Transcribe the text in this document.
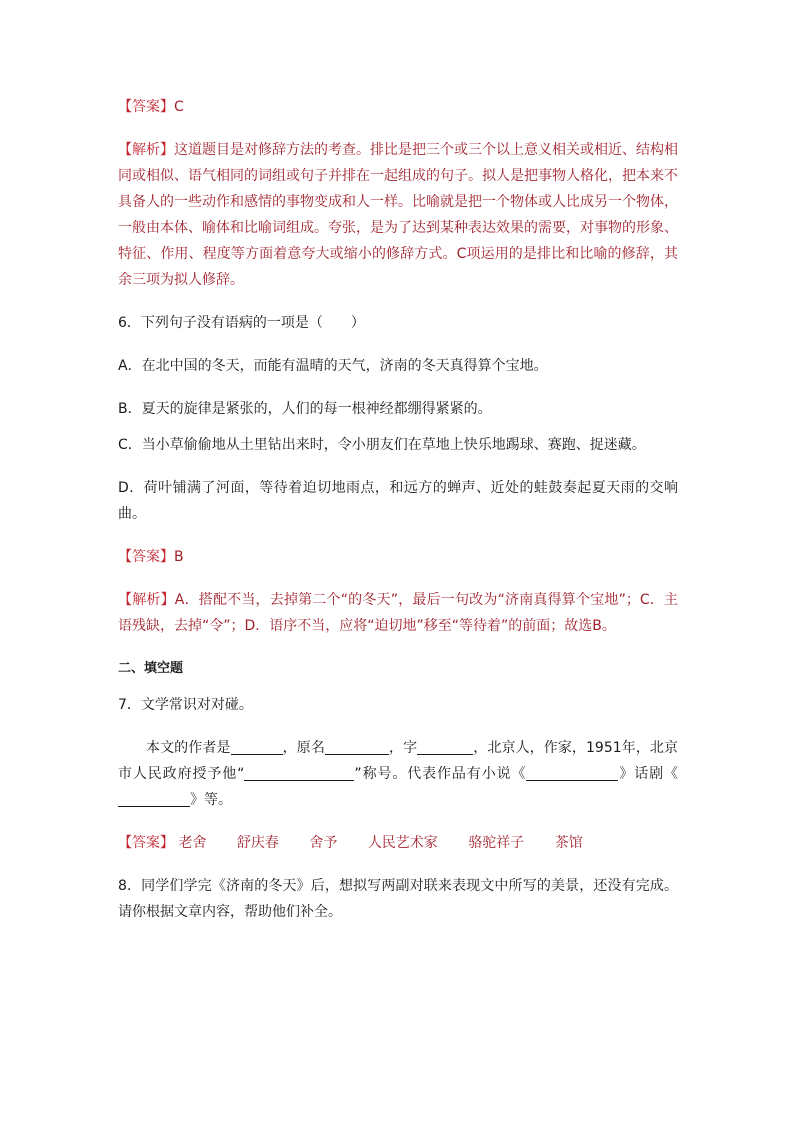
【答案】C

【解析】这道题目是对修辞方法的考查。排比是把三个或三个以上意义相关或相近、结构相同或相似、语气相同的词组或句子并排在一起组成的句子。拟人是把事物人格化，把本来不具备人的一些动作和感情的事物变成和人一样。比喻就是把一个物体或人比成另一个物体，一般由本体、喻体和比喻词组成。夸张，是为了达到某种表达效果的需要，对事物的形象、特征、作用、程度等方面着意夸大或缩小的修辞方式。C项运用的是排比和比喻的修辞，其余三项为拟人修辞。

6．下列句子没有语病的一项是（　　）

A．在北中国的冬天，而能有温晴的天气，济南的冬天真得算个宝地。

B．夏天的旋律是紧张的，人们的每一根神经都绷得紧紧的。

C．当小草偷偷地从土里钻出来时，令小朋友们在草地上快乐地踢球、赛跑、捉迷藏。

D．荷叶铺满了河面，等待着迫切地雨点，和远方的蝉声、近处的蛙鼓奏起夏天雨的交响曲。

【答案】B

【解析】A．搭配不当，去掉第二个“的冬天”，最后一句改为“济南真得算个宝地”；C．主语残缺，去掉“令”；D．语序不当，应将“迫切地”移至“等待着”的前面；故选B。

二、填空题

7．文学常识对对碰。

本文的作者是	，原名	，字	，北京人，作家，1951年，北京市人民政府授予他“	”称号。代表作品有小说《	》话剧《》等。

【答案】 老舍 舒庆春 舍予 人民艺术家 骆驼祥子 茶馆

8．同学们学完《济南的冬天》后，想拟写两副对联来表现文中所写的美景，还没有完成。请你根据文章内容，帮助他们补全。
